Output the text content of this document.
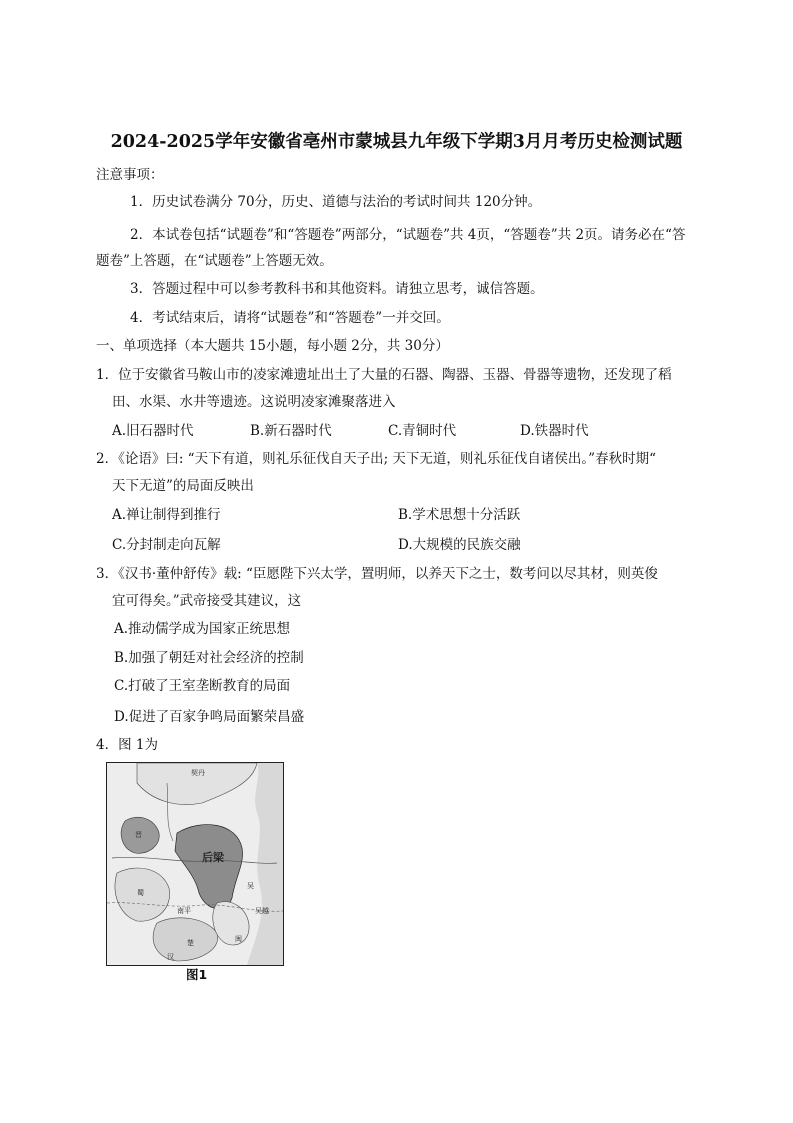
2024-2025学年安徽省亳州市蒙城县九年级下学期3月月考历史检测试题
注意事项：
1．历史试卷满分 70分，历史、道德与法治的考试时间共 120分钟。
2．本试卷包括“试题卷”和“答题卷”两部分，“试题卷”共 4页，“答题卷”共 2页。请务必在“答
题卷”上答题，在“试题卷”上答题无效。
3．答题过程中可以参考教科书和其他资料。请独立思考，诚信答题。
4．考试结束后，请将“试题卷”和“答题卷”一并交回。
一、单项选择（本大题共 15小题，每小题 2分，共 30分）
1．位于安徽省马鞍山市的凌家滩遗址出土了大量的石器、陶器、玉器、骨器等遗物，还发现了稻
田、水渠、水井等遗迹。这说明凌家滩聚落进入
A.旧石器时代	B.新石器时代	C.青铜时代	D.铁器时代
2．《论语》曰: “天下有道，则礼乐征伐自天子出; 天下无道，则礼乐征伐自诸侯出。”春秋时期“
天下无道”的局面反映出
A.禅让制得到推行	B.学术思想十分活跃
C.分封制走向瓦解	D.大规模的民族交融
3．《汉书·董仲舒传》载: “臣愿陛下兴太学，置明师，以养天下之士，数考问以尽其材，则英俊
宜可得矣。”武帝接受其建议，这
A.推动儒学成为国家正统思想
B.加强了朝廷对社会经济的控制
C.打破了王室垄断教育的局面
D.促进了百家争鸣局面繁荣昌盛
4．图 1为
契丹
后梁
蜀
吴
楚
汉
吴越
闽
南平
晋
图1
